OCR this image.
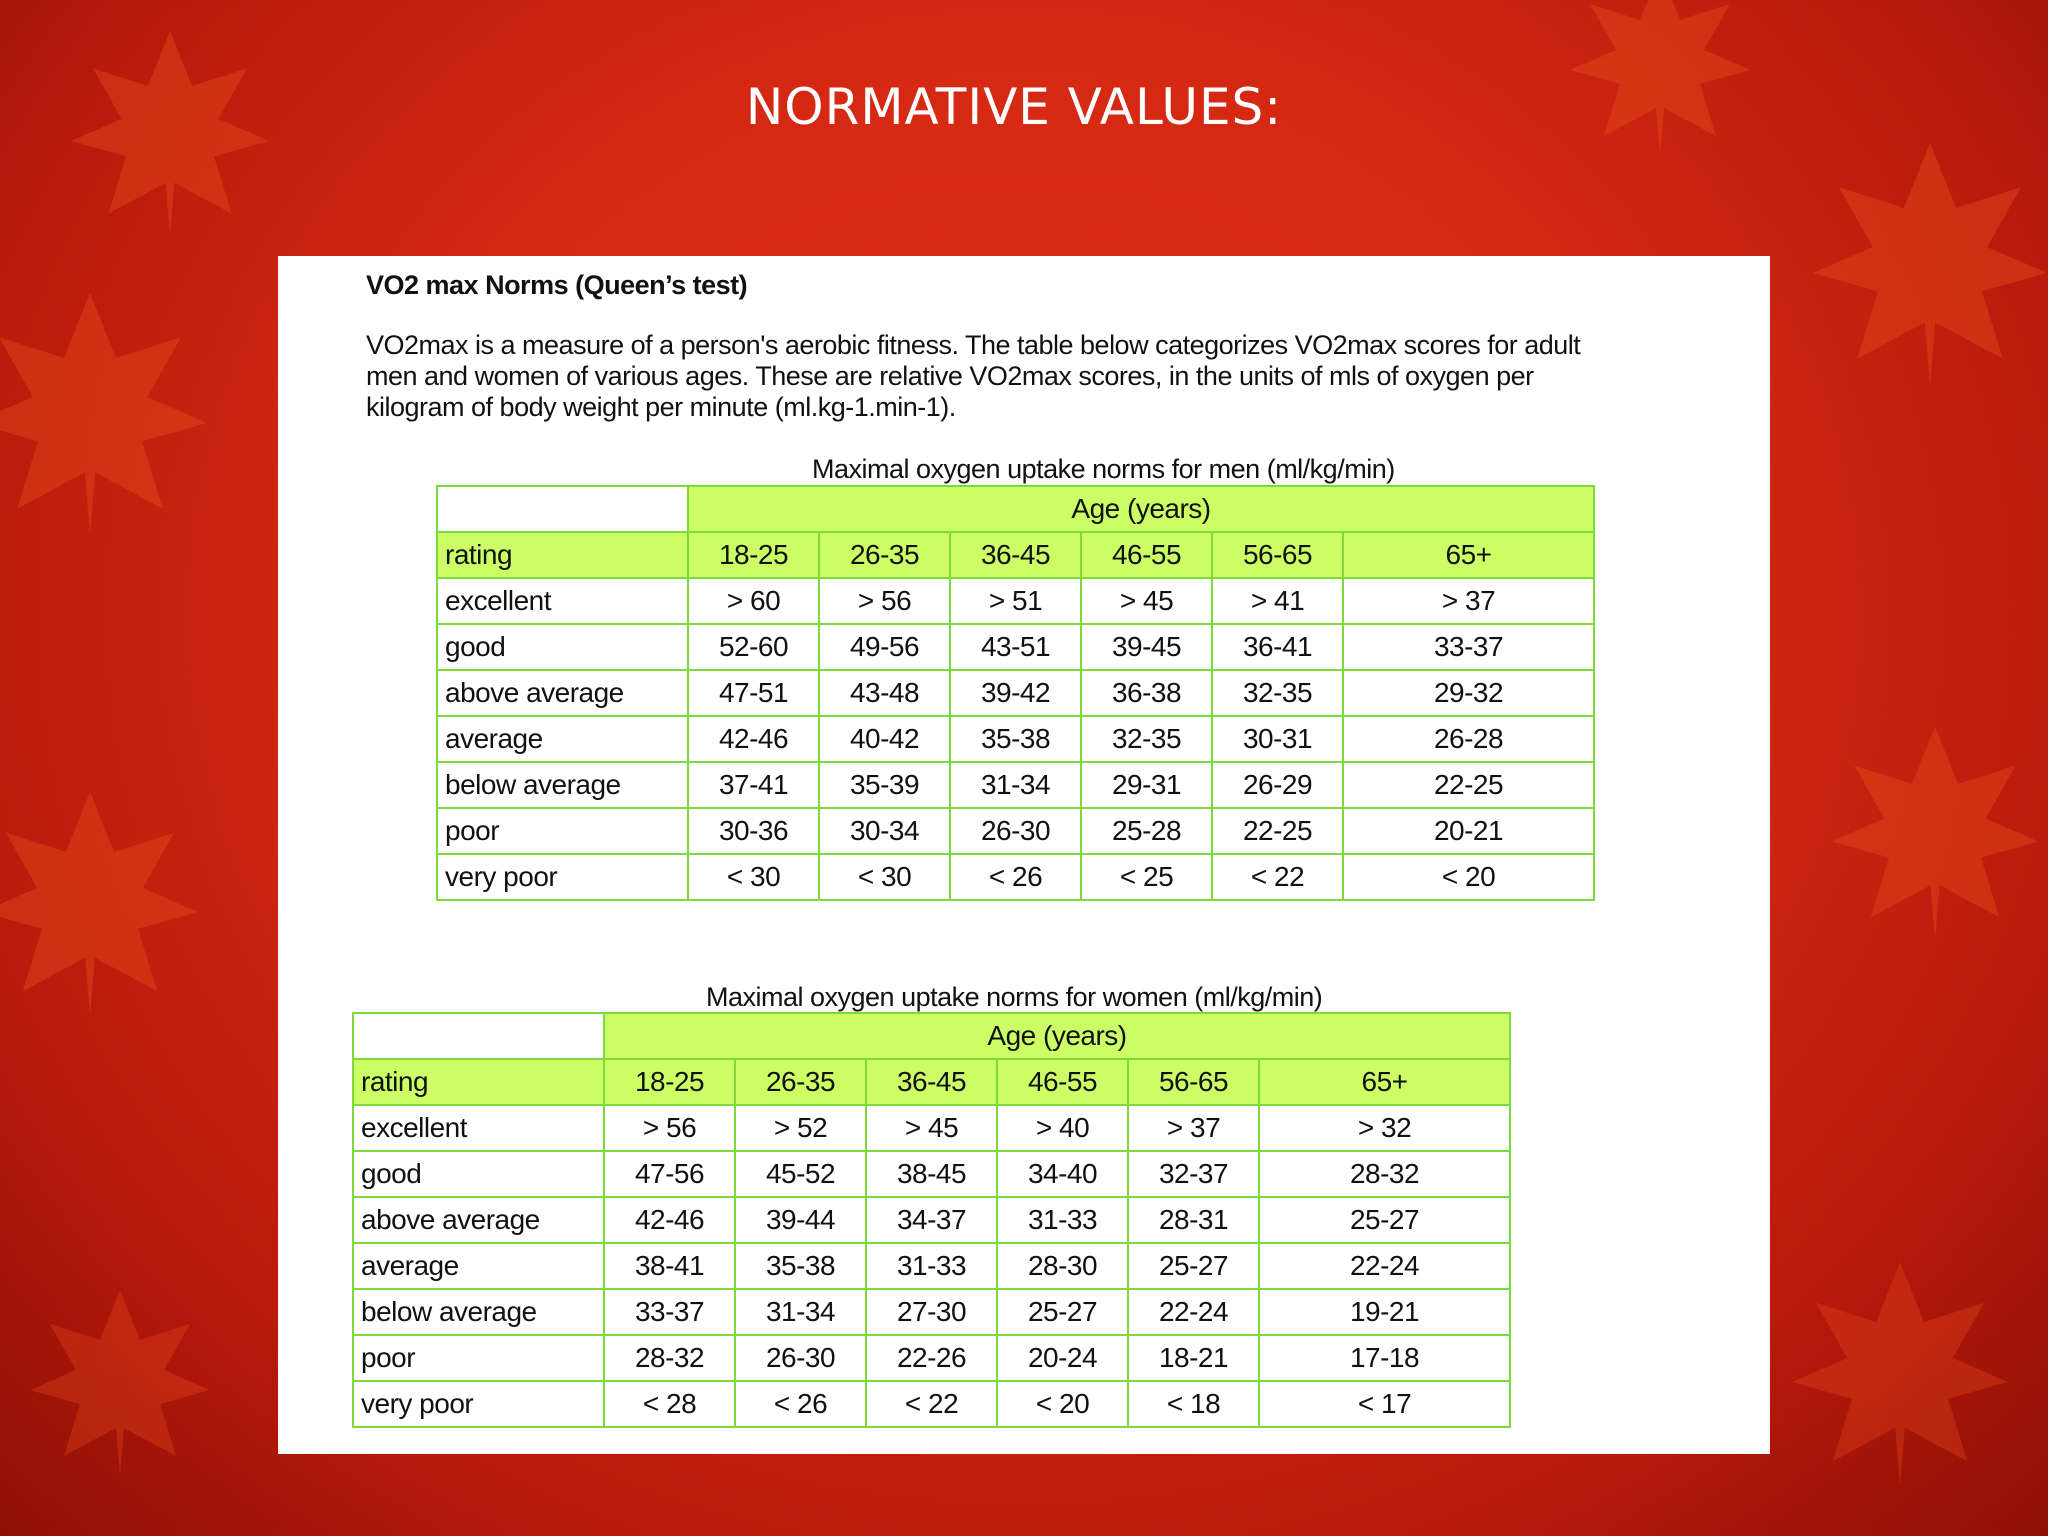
NORMATIVE VALUES:
VO2 max Norms (Queen’s test)
VO2max is a measure of a person's aerobic fitness. The table below categorizes VO2max scores for adult
men and women of various ages. These are relative VO2max scores, in the units of mls of oxygen per
kilogram of body weight per minute (ml.kg-1.min-1).
Maximal oxygen uptake norms for men (ml/kg/min)
	Age (years)					
rating	18-25	26-35	36-45	46-55	56-65	65+
excellent	> 60	> 56	> 51	> 45	> 41	> 37
good	52-60	49-56	43-51	39-45	36-41	33-37
above average	47-51	43-48	39-42	36-38	32-35	29-32
average	42-46	40-42	35-38	32-35	30-31	26-28
below average	37-41	35-39	31-34	29-31	26-29	22-25
poor	30-36	30-34	26-30	25-28	22-25	20-21
very poor	< 30	< 30	< 26	< 25	< 22	< 20
Maximal oxygen uptake norms for women (ml/kg/min)
	Age (years)					
rating	18-25	26-35	36-45	46-55	56-65	65+
excellent	> 56	> 52	> 45	> 40	> 37	> 32
good	47-56	45-52	38-45	34-40	32-37	28-32
above average	42-46	39-44	34-37	31-33	28-31	25-27
average	38-41	35-38	31-33	28-30	25-27	22-24
below average	33-37	31-34	27-30	25-27	22-24	19-21
poor	28-32	26-30	22-26	20-24	18-21	17-18
very poor	< 28	< 26	< 22	< 20	< 18	< 17
